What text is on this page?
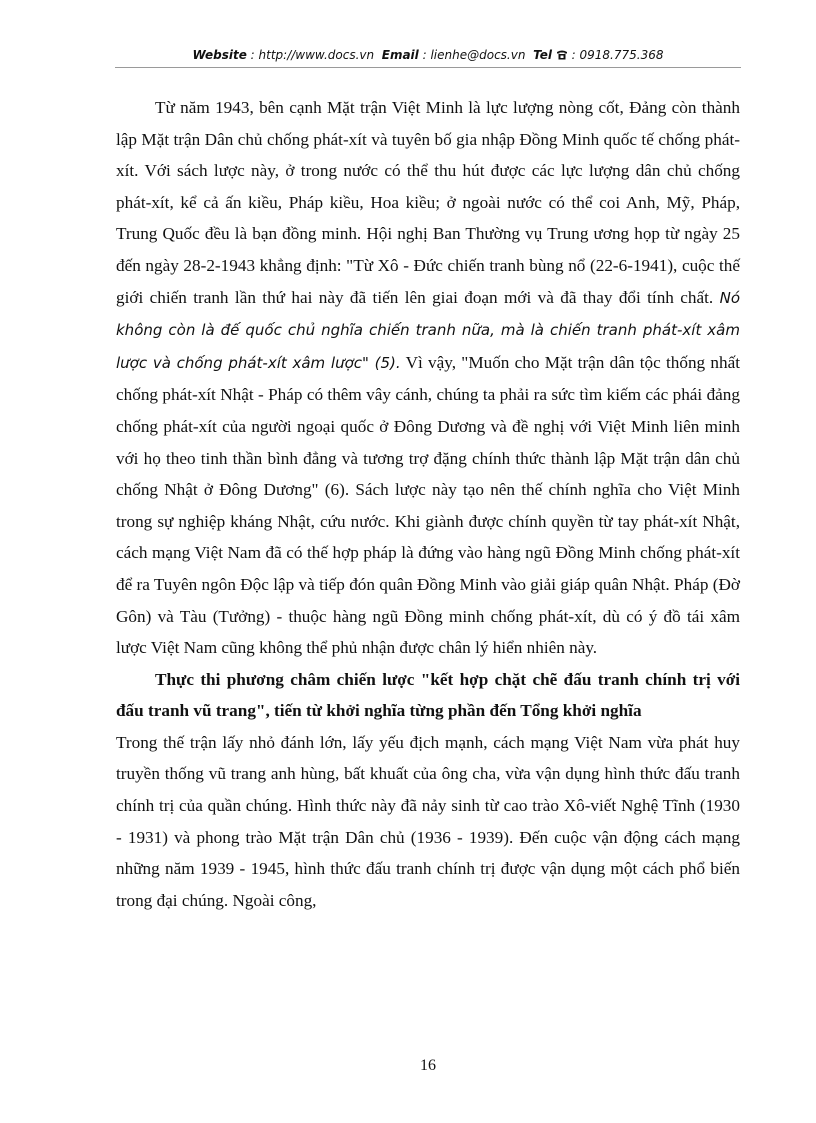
Website : http://www.docs.vn Email : lienhe@docs.vn Tel : 0918.775.368

Từ năm 1943, bên cạnh Mặt trận Việt Minh là lực lượng nòng cốt, Đảng còn thành lập Mặt trận Dân chủ chống phát-xít và tuyên bố gia nhập Đồng Minh quốc tế chống phát-xít. Với sách lược này, ở trong nước có thể thu hút được các lực lượng dân chủ chống phát-xít, kể cả ấn kiều, Pháp kiều, Hoa kiều; ở ngoài nước có thể coi Anh, Mỹ, Pháp, Trung Quốc đều là bạn đồng minh. Hội nghị Ban Thường vụ Trung ương họp từ ngày 25 đến ngày 28-2-1943 khẳng định: "Từ Xô - Đức chiến tranh bùng nổ (22-6-1941), cuộc thế giới chiến tranh lần thứ hai này đã tiến lên giai đoạn mới và đã thay đổi tính chất. Nó không còn là đế quốc chủ nghĩa chiến tranh nữa, mà là chiến tranh phát-xít xâm lược và chống phát-xít xâm lược" (5). Vì vậy, "Muốn cho Mặt trận dân tộc thống nhất chống phát-xít Nhật - Pháp có thêm vây cánh, chúng ta phải ra sức tìm kiếm các phái đảng chống phát-xít của người ngoại quốc ở Đông Dương và đề nghị với Việt Minh liên minh với họ theo tinh thần bình đẳng và tương trợ đặng chính thức thành lập Mặt trận dân chủ chống Nhật ở Đông Dương" (6). Sách lược này tạo nên thế chính nghĩa cho Việt Minh trong sự nghiệp kháng Nhật, cứu nước. Khi giành được chính quyền từ tay phát-xít Nhật, cách mạng Việt Nam đã có thế hợp pháp là đứng vào hàng ngũ Đồng Minh chống phát-xít để ra Tuyên ngôn Độc lập và tiếp đón quân Đồng Minh vào giải giáp quân Nhật. Pháp (Đờ Gôn) và Tàu (Tưởng) - thuộc hàng ngũ Đồng minh chống phát-xít, dù có ý đồ tái xâm lược Việt Nam cũng không thể phủ nhận được chân lý hiển nhiên này.

Thực thi phương châm chiến lược "kết hợp chặt chẽ đấu tranh chính trị với đấu tranh vũ trang", tiến từ khởi nghĩa từng phần đến Tổng khởi nghĩa

Trong thế trận lấy nhỏ đánh lớn, lấy yếu địch mạnh, cách mạng Việt Nam vừa phát huy truyền thống vũ trang anh hùng, bất khuất của ông cha, vừa vận dụng hình thức đấu tranh chính trị của quần chúng. Hình thức này đã nảy sinh từ cao trào Xô-viết Nghệ Tĩnh (1930 - 1931) và phong trào Mặt trận Dân chủ (1936 - 1939). Đến cuộc vận động cách mạng những năm 1939 - 1945, hình thức đấu tranh chính trị được vận dụng một cách phổ biến trong đại chúng. Ngoài công,

16
